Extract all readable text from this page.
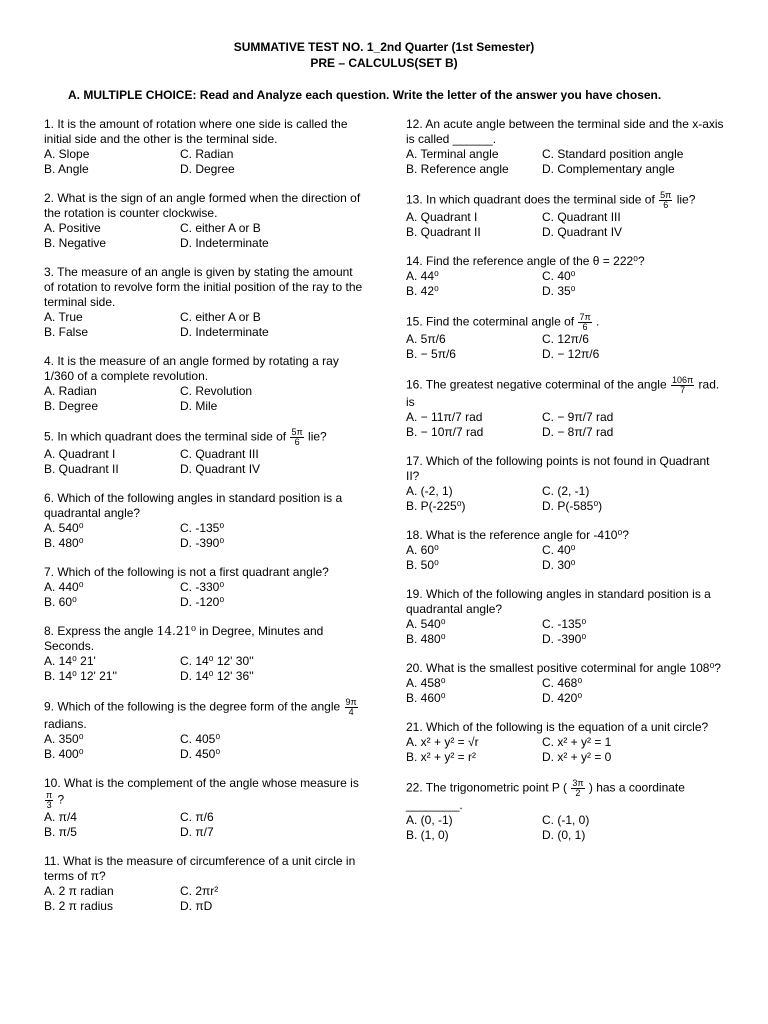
SUMMATIVE TEST NO. 1_2nd Quarter (1st Semester)
PRE – CALCULUS(SET B)
A. MULTIPLE CHOICE: Read and Analyze each question. Write the letter of the answer you have chosen.
1. It is the amount of rotation where one side is called the initial side and the other is the terminal side.
A. Slope	C. Radian
B. Angle	D. Degree
2. What is the sign of an angle formed when the direction of the rotation is counter clockwise.
A. Positive	C. either A or B
B. Negative	D. Indeterminate
3. The measure of an angle is given by stating the amount of rotation to revolve form the initial position of the ray to the terminal side.
A. True	C. either A or B
B. False	D. Indeterminate
4. It is the measure of an angle formed by rotating a ray 1/360 of a complete revolution.
A. Radian	C. Revolution
B. Degree	D. Mile
5. In which quadrant does the terminal side of $\frac{5\pi}{6}$ lie?
A. Quadrant I	C. Quadrant III
B. Quadrant II	D. Quadrant IV
6. Which of the following angles in standard position is a quadrantal angle?
A. 540⁰	C. -135⁰
B. 480⁰	D. -390⁰
7. Which of the following is not a first quadrant angle?
A. 440⁰	C. -330⁰
B. 60⁰	D. -120⁰
8. Express the angle 14.21⁰ in Degree, Minutes and Seconds.
A. 14⁰ 21'	C. 14⁰ 12' 30''
B. 14⁰ 12' 21''	D. 14⁰ 12' 36''
9. Which of the following is the degree form of the angle $\frac{9\pi}{4}$
radians.
A. 350⁰	C. 405⁰
B. 400⁰	D. 450⁰
10. What is the complement of the angle whose measure is
$\frac{\pi}{3}$ ?
A. π/4	C. π/6
B. π/5	D. π/7
11. What is the measure of circumference of a unit circle in terms of π?
A. 2 π radian	C. 2πr²
B. 2 π radius	D. πD
12. An acute angle between the terminal side and the x-axis is called ______.
A. Terminal angle	C. Standard position angle
B. Reference angle	D. Complementary angle
13. In which quadrant does the terminal side of $\frac{5\pi}{6}$ lie?
A. Quadrant I	C. Quadrant III
B. Quadrant II	D. Quadrant IV
14. Find the reference angle of the θ = 222⁰?
A. 44⁰	C. 40⁰
B. 42⁰	D. 35⁰
15. Find the coterminal angle of $\frac{7\pi}{6}$ .
A. 5π/6	C. 12π/6
B. − 5π/6	D. − 12π/6
16. The greatest negative coterminal of the angle $\frac{106\pi}{7}$ rad. is
A. − 11π/7 rad	C. − 9π/7 rad
B. − 10π/7 rad	D. − 8π/7 rad
17. Which of the following points is not found in Quadrant II?
A. (-2, 1)	C. (2, -1)
B. P(-225⁰)	D. P(-585⁰)
18. What is the reference angle for -410⁰?
A. 60⁰	C. 40⁰
B. 50⁰	D. 30⁰
19. Which of the following angles in standard position is a quadrantal angle?
A. 540⁰	C. -135⁰
B. 480⁰	D. -390⁰
20. What is the smallest positive coterminal for angle 108⁰?
A. 458⁰	C. 468⁰
B. 460⁰	D. 420⁰
21. Which of the following is the equation of a unit circle?
A. x² + y² = √r	C. x² + y² = 1
B. x² + y² = r²	D. x² + y² = 0
22. The trigonometric point P ( $\frac{3\pi}{2}$ ) has a coordinate ________.
A. (0, -1)	C. (-1, 0)
B. (1, 0)	D. (0, 1)
